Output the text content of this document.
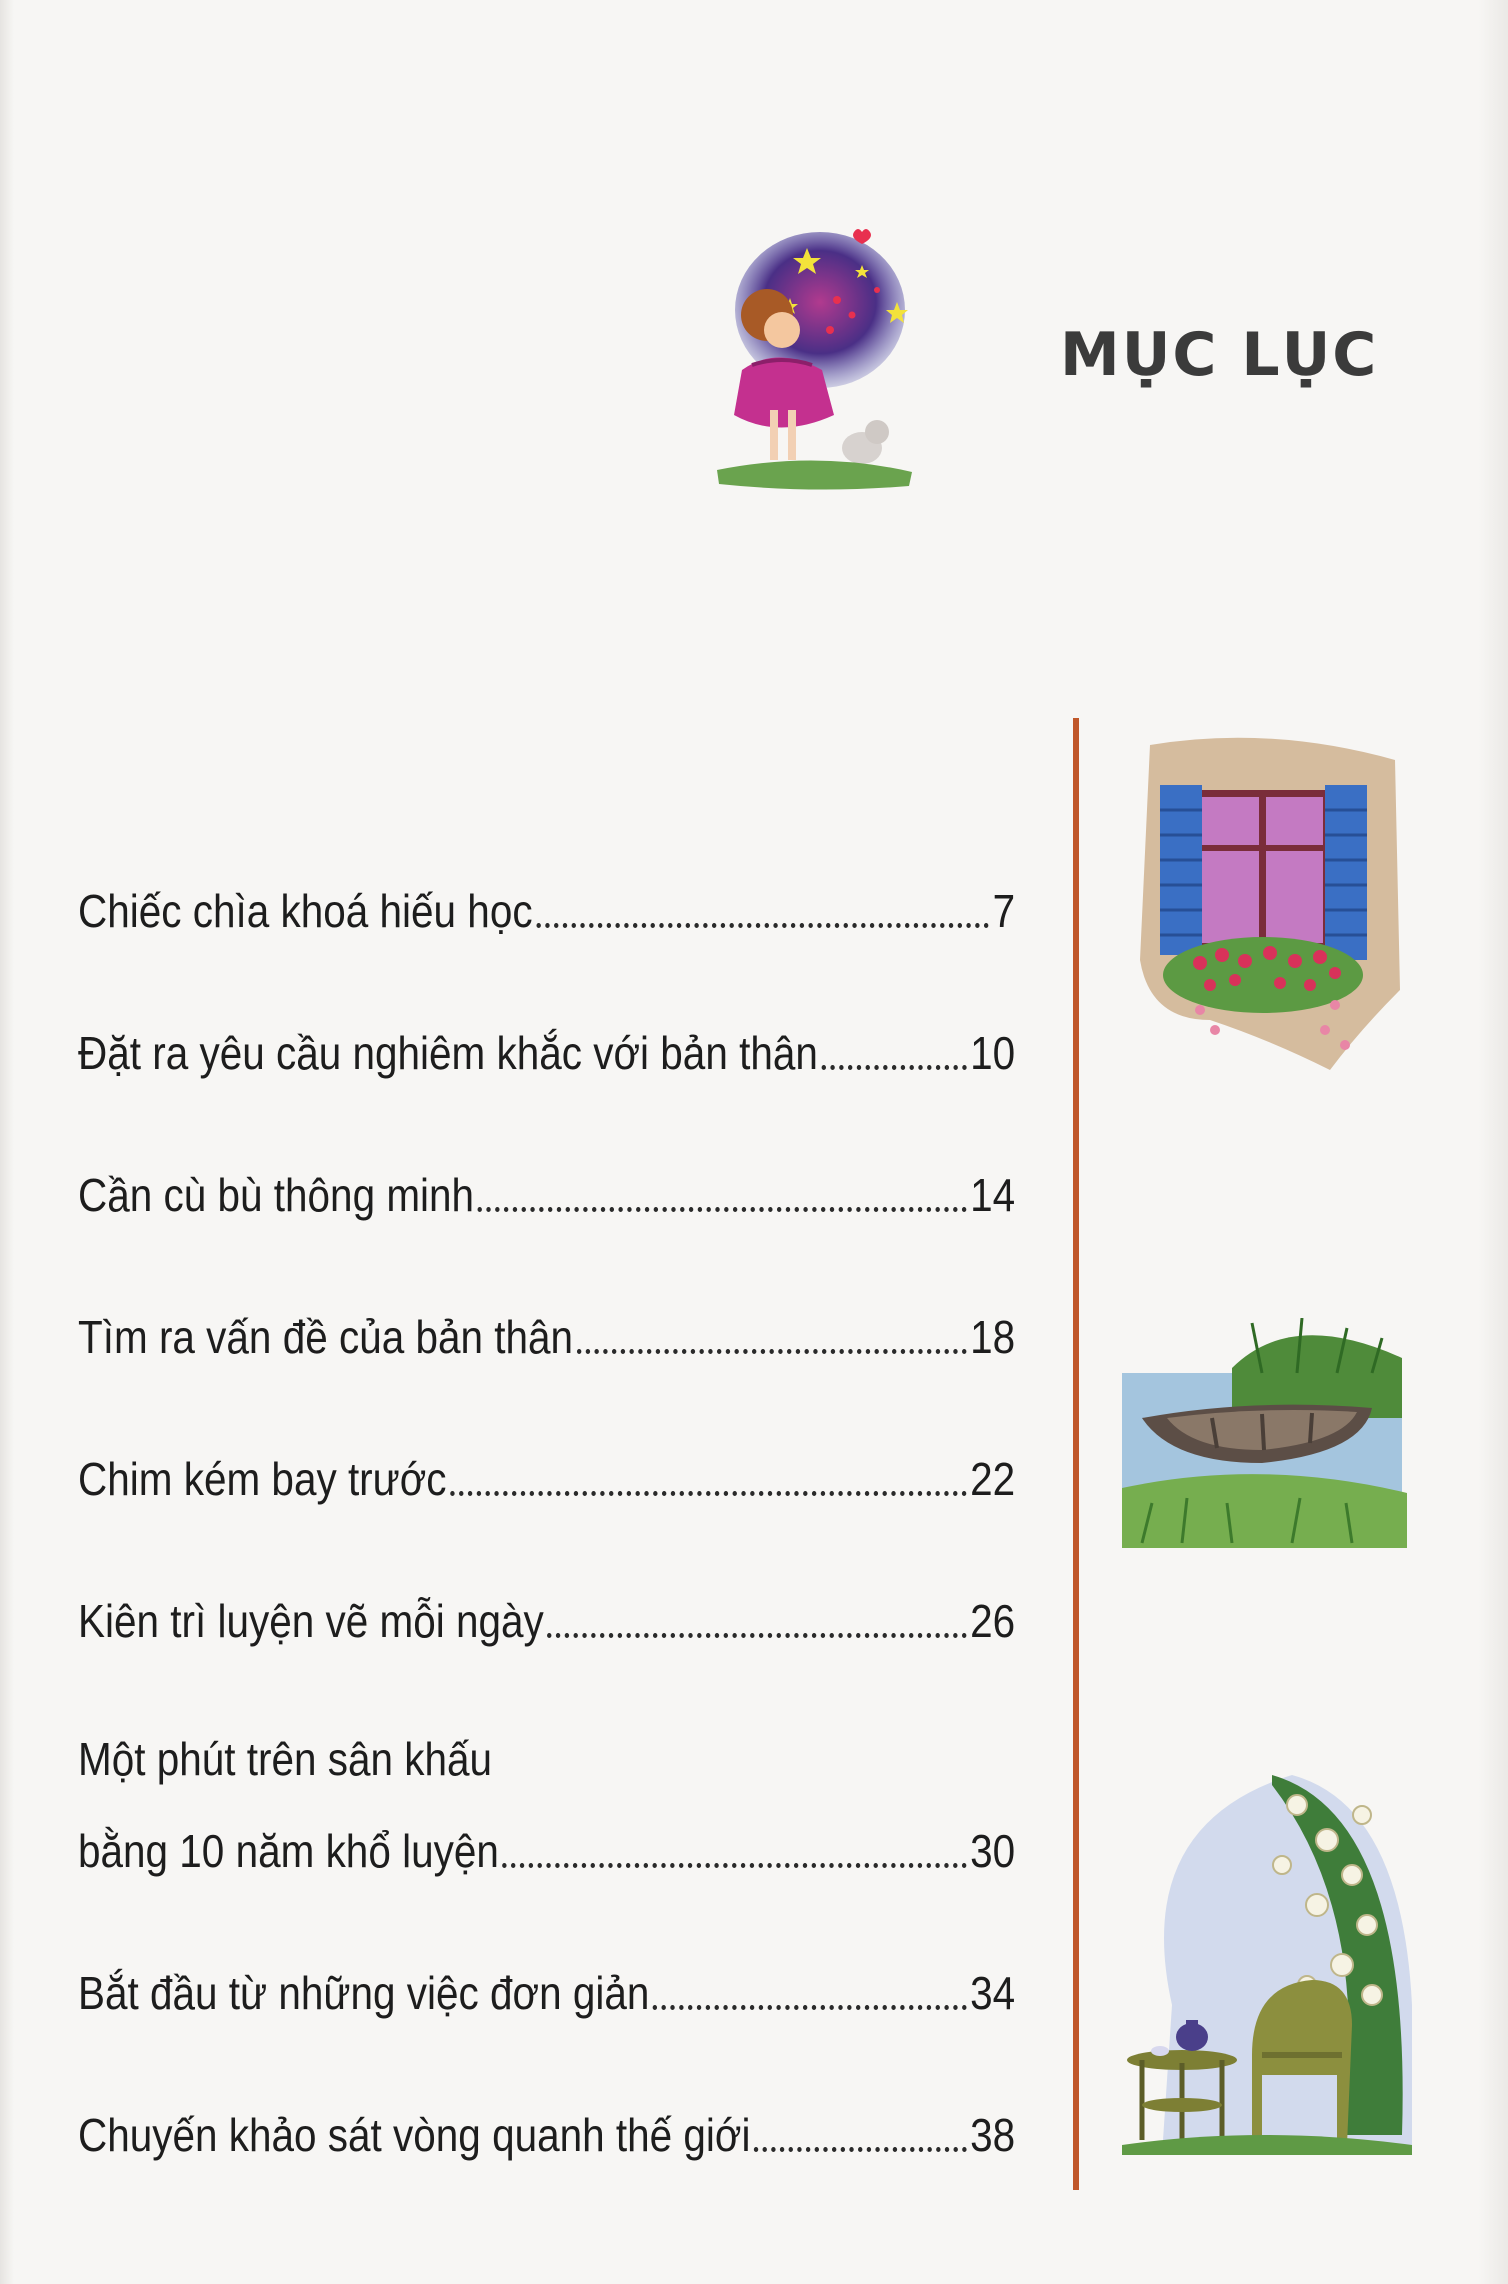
MỤC LỤC
Chiếc chìa khoá hiếu học	7
Đặt ra yêu cầu nghiêm khắc với bản thân	10
Cần cù bù thông minh	14
Tìm ra vấn đề của bản thân	18
Chim kém bay trước	22
Kiên trì luyện vẽ mỗi ngày	26
Một phút trên sân khấu
bằng 10 năm khổ luyện	30
Bắt đầu từ những việc đơn giản	34
Chuyến khảo sát vòng quanh thế giới	38
